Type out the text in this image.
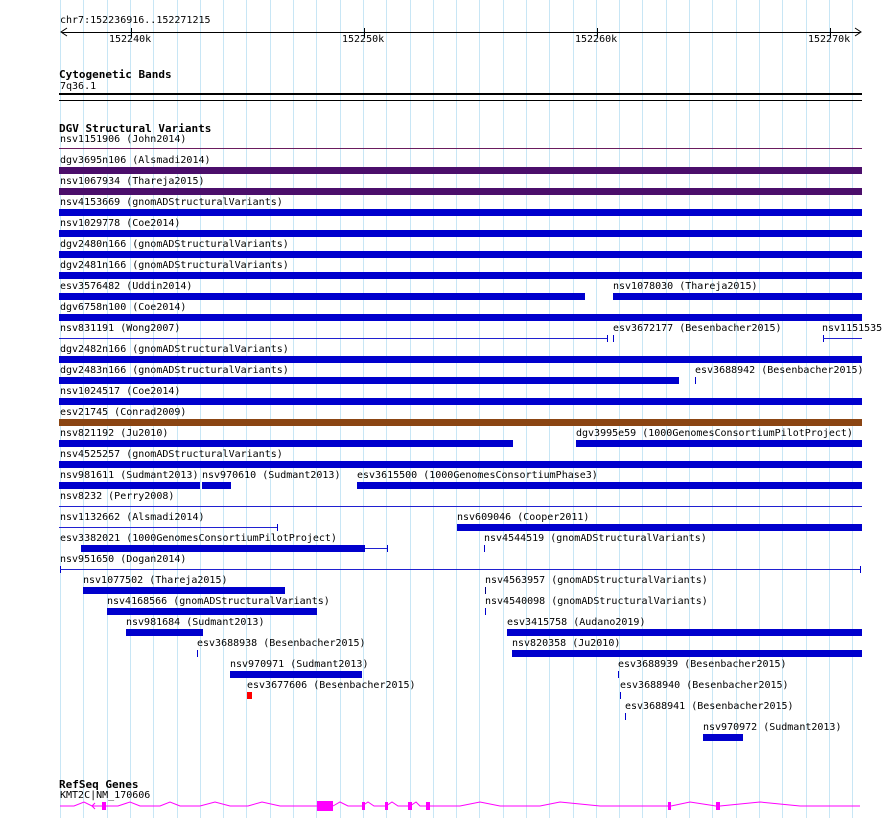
chr7:152236916..152271215
152240k	152250k	152260k	152270k
Cytogenetic Bands
7q36.1
DGV Structural Variants
nsv1151906 (John2014)
dgv3695n106 (Alsmadi2014)
nsv1067934 (Thareja2015)
nsv4153669 (gnomADStructuralVariants)
nsv1029778 (Coe2014)
dgv2480n166 (gnomADStructuralVariants)
dgv2481n166 (gnomADStructuralVariants)
esv3576482 (Uddin2014)	nsv1078030 (Thareja2015)
dgv6758n100 (Coe2014)
nsv831191 (Wong2007)	esv3672177 (Besenbacher2015)	nsv1151535
dgv2482n166 (gnomADStructuralVariants)
dgv2483n166 (gnomADStructuralVariants)	esv3688942 (Besenbacher2015)
nsv1024517 (Coe2014)
esv21745 (Conrad2009)
nsv821192 (Ju2010)	dgv3995e59 (1000GenomesConsortiumPilotProject)
nsv4525257 (gnomADStructuralVariants)
nsv981611 (Sudmant2013) nsv970610 (Sudmant2013) esv3615500 (1000GenomesConsortiumPhase3)
nsv8232 (Perry2008)
nsv1132662 (Alsmadi2014)	nsv609046 (Cooper2011)
esv3382021 (1000GenomesConsortiumPilotProject)	nsv4544519 (gnomADStructuralVariants)
nsv951650 (Dogan2014)
nsv1077502 (Thareja2015)	nsv4563957 (gnomADStructuralVariants)
nsv4168566 (gnomADStructuralVariants)	nsv4540098 (gnomADStructuralVariants)
nsv981684 (Sudmant2013)	esv3415758 (Audano2019)
esv3688938 (Besenbacher2015)	nsv820358 (Ju2010)
nsv970971 (Sudmant2013)	esv3688939 (Besenbacher2015)
esv3677606 (Besenbacher2015)	esv3688940 (Besenbacher2015)
esv3688941 (Besenbacher2015)
nsv970972 (Sudmant2013)
RefSeq Genes
KMT2C|NM_170606
